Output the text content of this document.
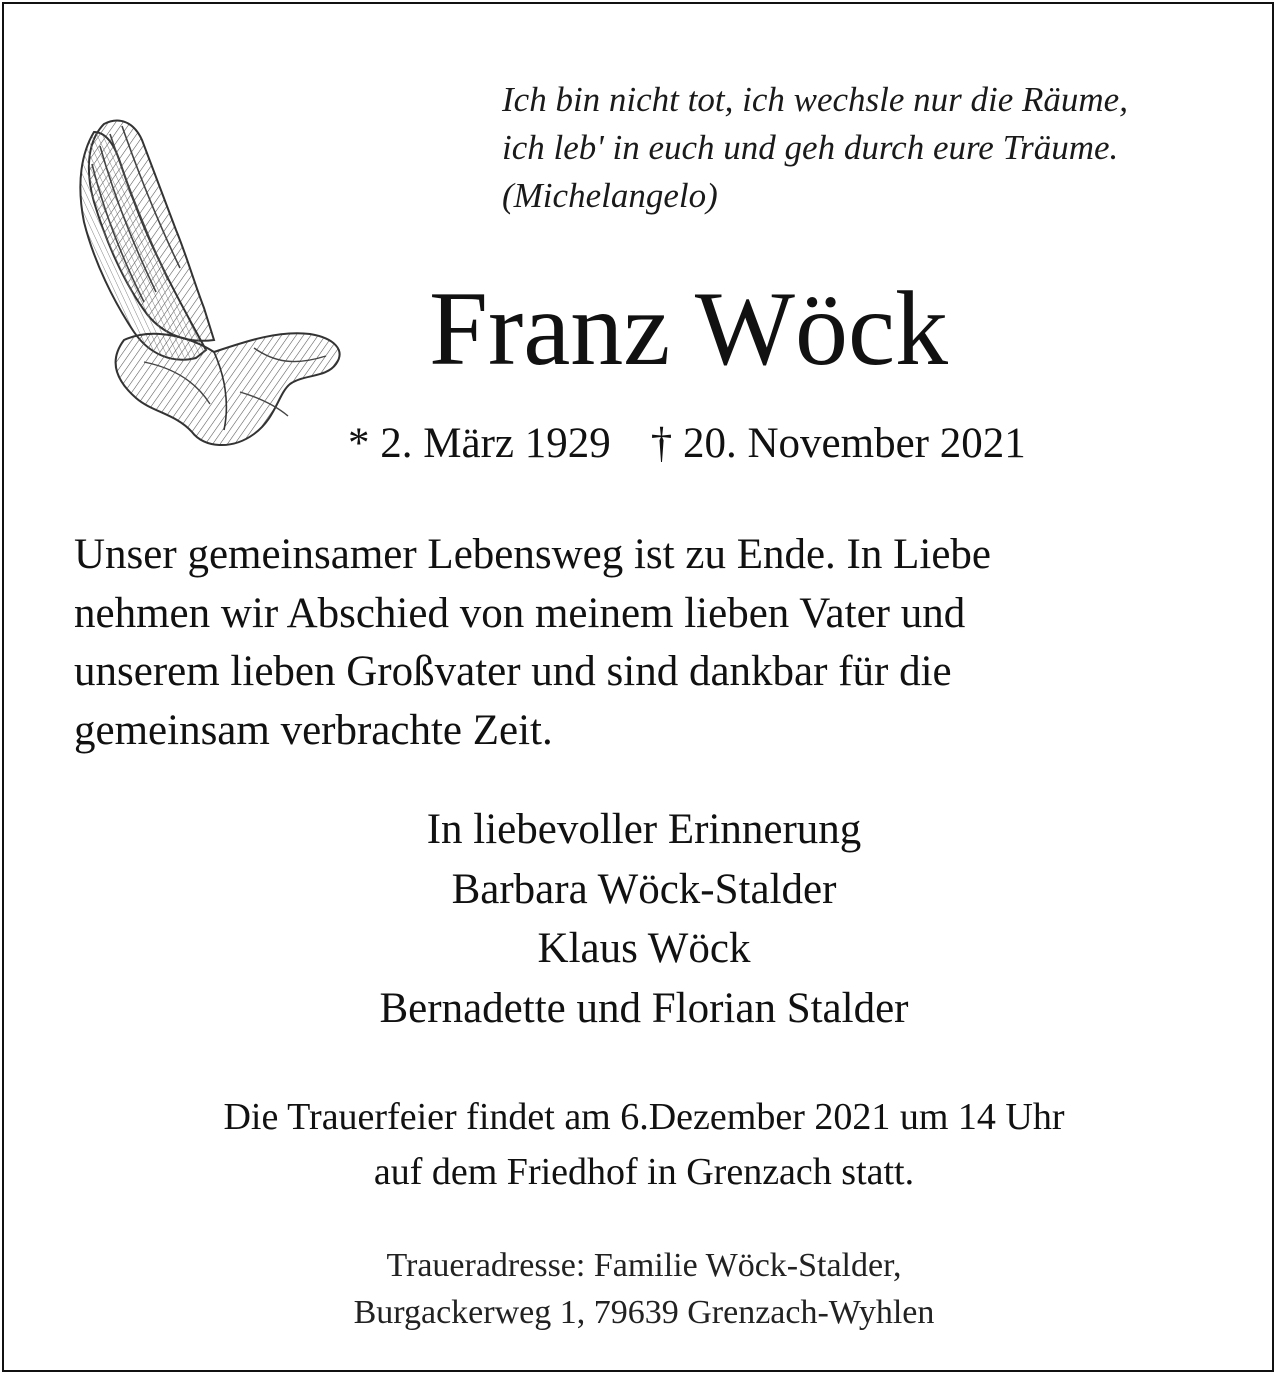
Ich bin nicht tot, ich wechsle nur die Räume,
ich leb' in euch und geh durch eure Träume.
(Michelangelo)
Franz Wöck
* 2. März 1929 † 20. November 2021
Unser gemeinsamer Lebensweg ist zu Ende. In Liebe
nehmen wir Abschied von meinem lieben Vater und
unserem lieben Großvater und sind dankbar für die
gemeinsam verbrachte Zeit.
In liebevoller Erinnerung
Barbara Wöck-Stalder
Klaus Wöck
Bernadette und Florian Stalder
Die Trauerfeier findet am 6.Dezember 2021 um 14 Uhr
auf dem Friedhof in Grenzach statt.
Traueradresse: Familie Wöck-Stalder,
Burgackerweg 1, 79639 Grenzach-Wyhlen
